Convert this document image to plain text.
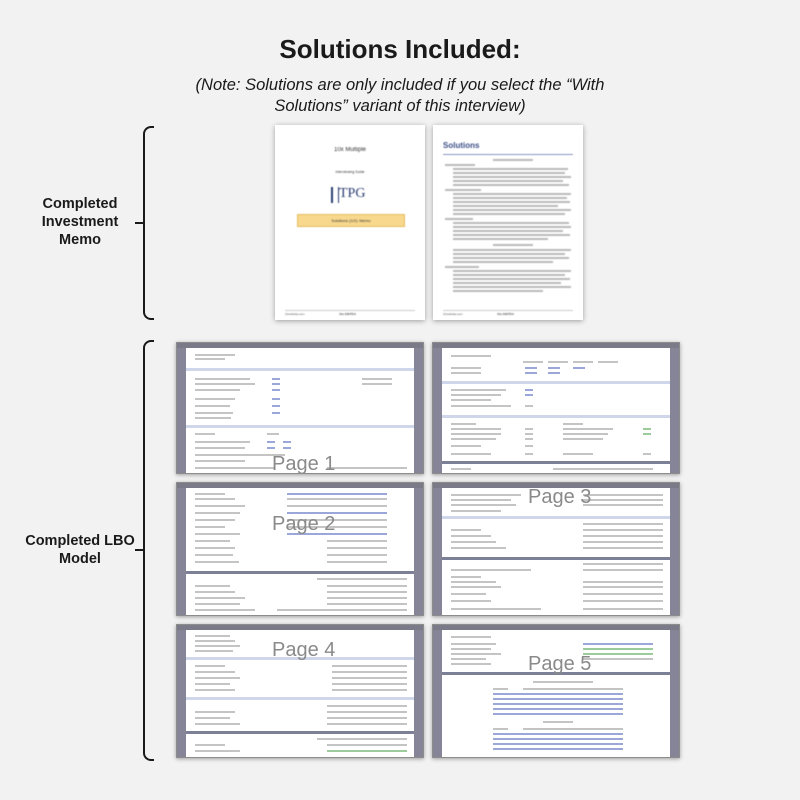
Solutions Included:
(Note: Solutions are only included if you select the “With Solutions” variant of this interview)
Completed Investment Memo
10x Multiple
Interviewing Guide
TPG
Solutions (1/2): Memo
10xebitda.com	10x EBITDA
Solutions
10xebitda.com	10x EBITDA
Completed LBO Model
Page 1
Page 2
Page 3
Page 4
Page 5
